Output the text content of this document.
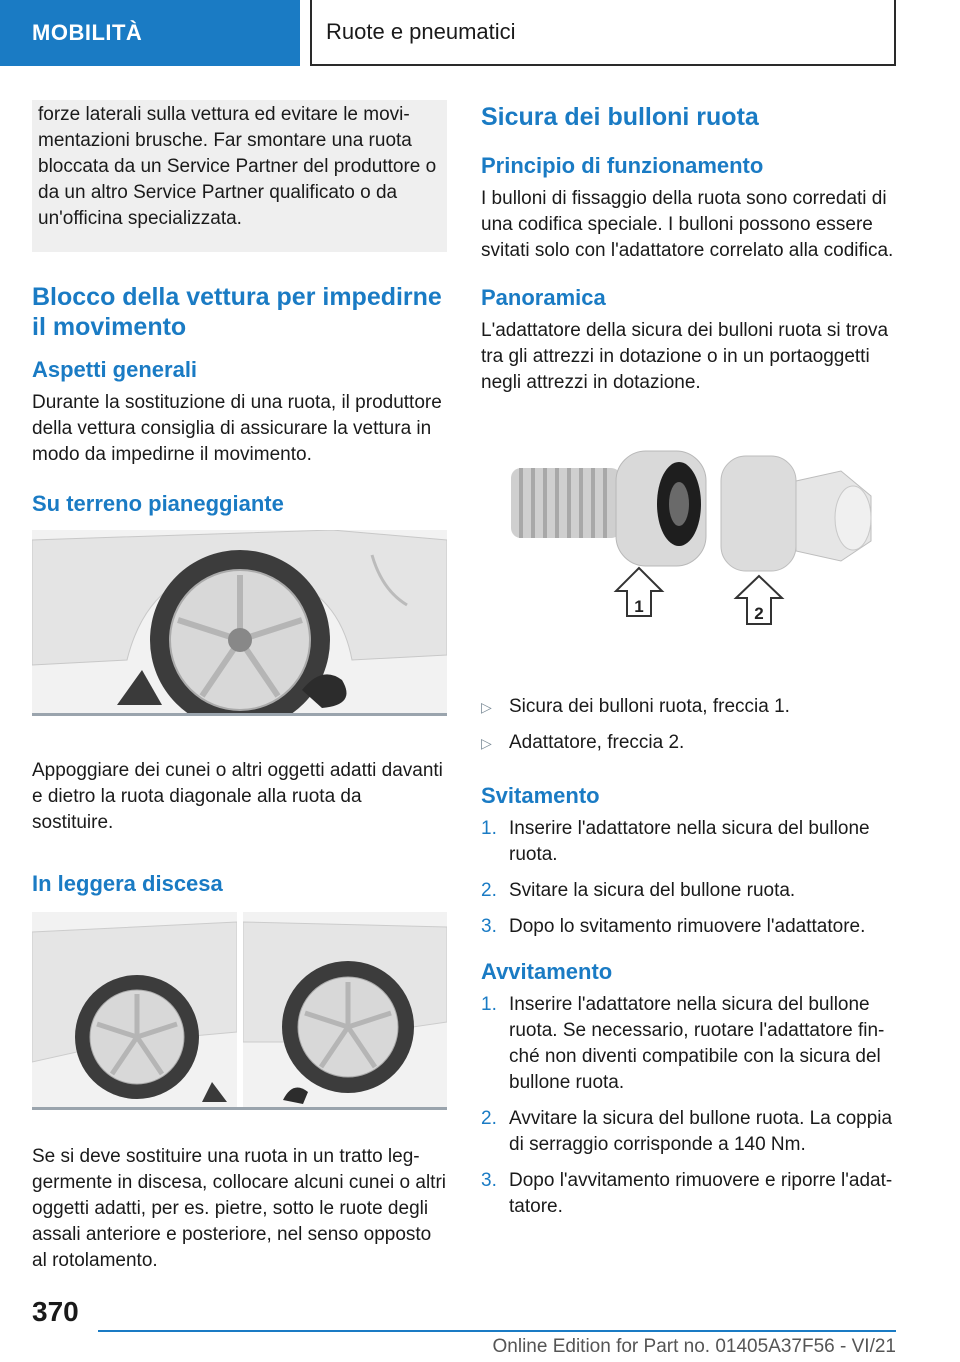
MOBILITÀ	Ruote e pneumatici

forze laterali sulla vettura ed evitare le movi- mentazioni brusche. Far smontare una ruota bloccata da un Service Partner del produttore o da un altro Service Partner qualificato o da un'officina specializzata.

Blocco della vettura per impedirne il movimento
Aspetti generali

Durante la sostituzione di una ruota, il produttore della vettura consiglia di assicurare la vettura in modo da impedirne il movimento.

Su terreno pianeggiante

Appoggiare dei cunei o altri oggetti adatti davanti e dietro la ruota diagonale alla ruota da sostituire.

In leggera discesa

Se si deve sostituire una ruota in un tratto leg- germente in discesa, collocare alcuni cunei o altri oggetti adatti, per es. pietre, sotto le ruote degli assali anteriore e posteriore, nel senso opposto al rotolamento.

Sicura dei bulloni ruota
Principio di funzionamento

I bulloni di fissaggio della ruota sono corredati di una codifica speciale. I bulloni possono essere svitati solo con l'adattatore correlato alla codifica.

Panoramica

L'adattatore della sicura dei bulloni ruota si trova tra gli attrezzi in dotazione o in un portaoggetti negli attrezzi in dotazione.

1	2
▷ Sicura dei bulloni ruota, freccia 1.
▷ Adattatore, freccia 2.
Svitamento
1. Inserire l'adattatore nella sicura del bullone ruota.
2. Svitare la sicura del bullone ruota.
3. Dopo lo svitamento rimuovere l'adattatore.
Avvitamento
1. Inserire l'adattatore nella sicura del bullone ruota. Se necessario, ruotare l'adattatore fin- ché non diventi compatibile con la sicura del bullone ruota.
2. Avvitare la sicura del bullone ruota. La coppia di serraggio corrisponde a 140 Nm.
3. Dopo l'avvitamento rimuovere e riporre l'adat- tatore.
370
Online Edition for Part no. 01405A37F56 - VI/21
